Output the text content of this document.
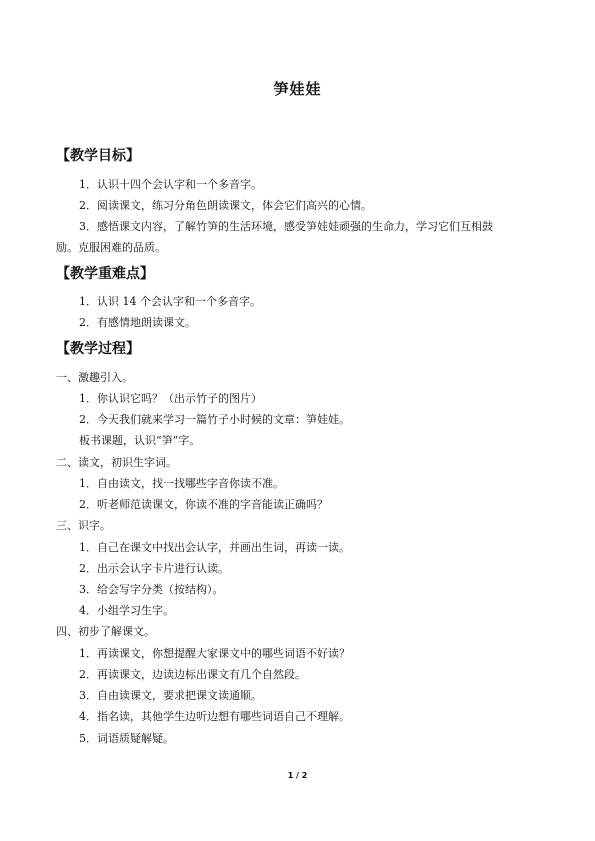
笋娃娃
【教学目标】
1．认识十四个会认字和一个多音字。
2．阅读课文，练习分角色朗读课文，体会它们高兴的心情。
3．感悟课文内容，了解竹笋的生活环境，感受笋娃娃顽强的生命力，学习它们互相鼓
励。克服困难的品质。
【教学重难点】
1．认识 14 个会认字和一个多音字。
2．有感情地朗读课文。
【教学过程】
一、激趣引入。
1．你认识它吗？（出示竹子的图片）
2．今天我们就来学习一篇竹子小时候的文章：笋娃娃。
板书课题，认识“笋”字。
二、读文，初识生字词。
1．自由读文，找一找哪些字音你读不准。
2．听老师范读课文，你读不准的字音能读正确吗？
三、识字。
1．自己在课文中找出会认字，并画出生词，再读一读。
2．出示会认字卡片进行认读。
3．给会写字分类（按结构）。
4．小组学习生字。
四、初步了解课文。
1．再读课文，你想提醒大家课文中的哪些词语不好读？
2．再读课文，边读边标出课文有几个自然段。
3．自由读课文，要求把课文读通顺。
4．指名读，其他学生边听边想有哪些词语自己不理解。
5．词语质疑解疑。
1 / 2
